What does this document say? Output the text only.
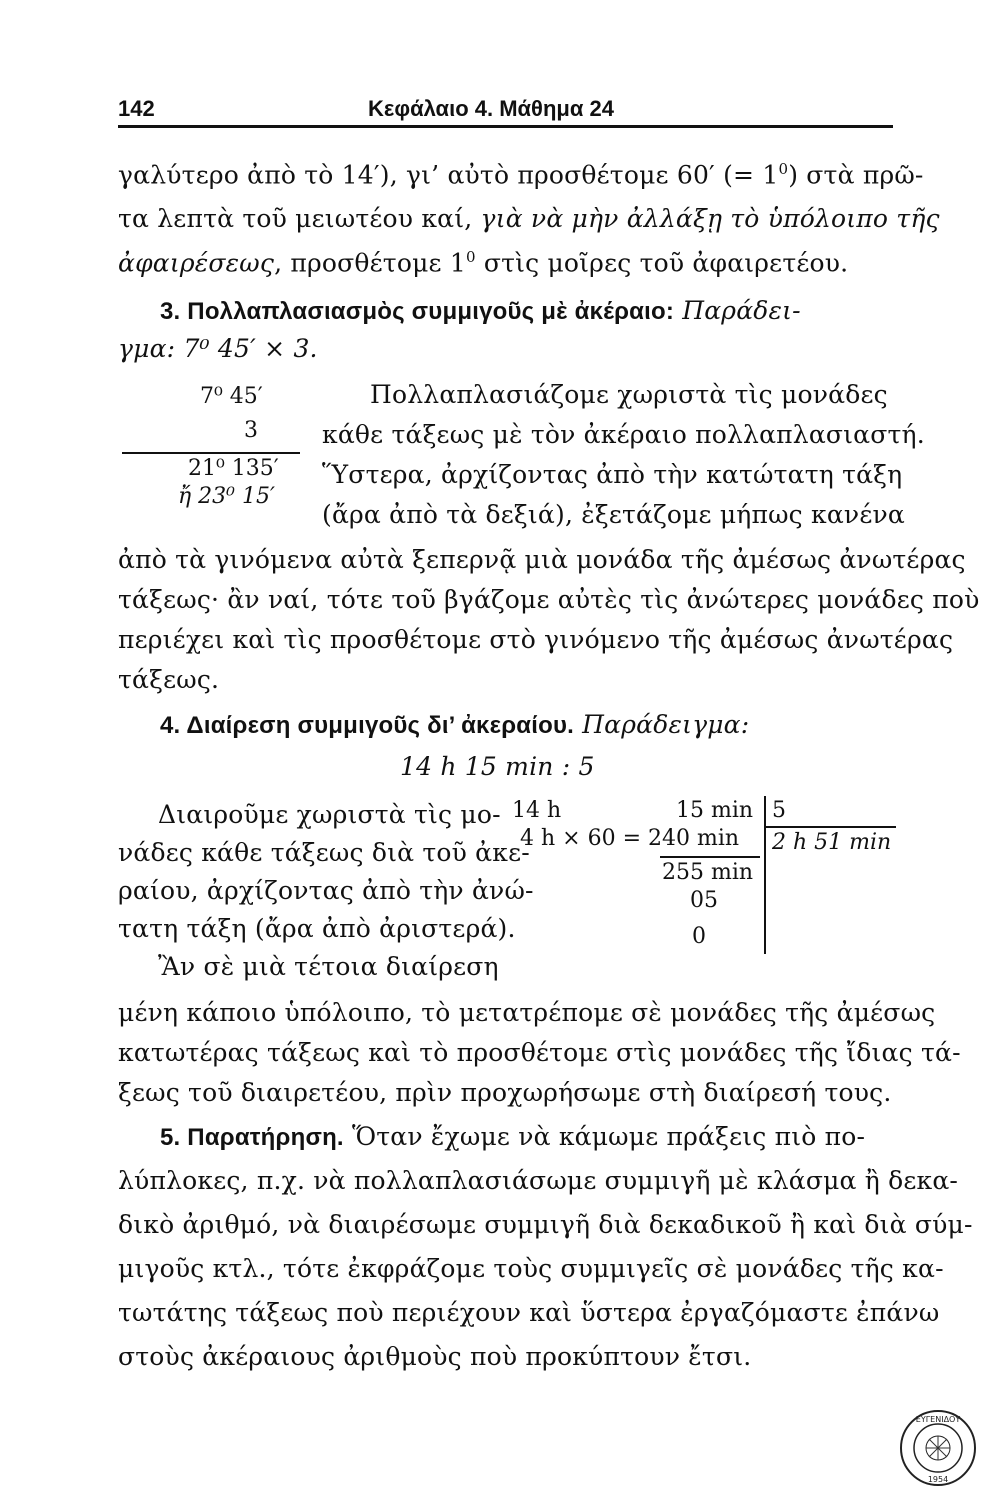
142	Κεφάλαιο 4. Μάθημα 24
γαλύτερο ἀπὸ τὸ 14′), γι’ αὐτὸ προσθέτομε 60′ (= $1^0$) στὰ πρῶ-
τα λεπτὰ τοῦ μειωτέου καί, γιὰ νὰ μὴν ἀλλάξῃ τὸ ὑπόλοιπο τῆς
ἀφαιρέσεως, προσθέτομε $1^0$ στὶς μοῖρες τοῦ ἀφαιρετέου.
3. Πολλαπλασιασμὸς συμμιγοῦς μὲ ἀκέραιο: Παράδει-
γμα: 7⁰ 45′ × 3.
7⁰ 45′
3
21⁰ 135′
ἤ 23⁰ 15′
Πολλαπλασιάζομε χωριστὰ τὶς μονάδες
κάθε τάξεως μὲ τὸν ἀκέραιο πολλαπλασιαστή.
Ὕστερα, ἀρχίζοντας ἀπὸ τὴν κατώτατη τάξη
(ἄρα ἀπὸ τὰ δεξιά), ἐξετάζομε μήπως κανένα
ἀπὸ τὰ γινόμενα αὐτὰ ξεπερνᾷ μιὰ μονάδα τῆς ἀμέσως ἀνωτέρας
τάξεως· ἂν ναί, τότε τοῦ βγάζομε αὐτὲς τὶς ἀνώτερες μονάδες ποὺ
περιέχει καὶ τὶς προσθέτομε στὸ γινόμενο τῆς ἀμέσως ἀνωτέρας
τάξεως.
4. Διαίρεση συμμιγοῦς δι’ ἀκεραίου. Παράδειγμα:
14 h 15 min : 5
Διαιροῦμε χωριστὰ τὶς μο-
νάδες κάθε τάξεως διὰ τοῦ ἀκε-
ραίου, ἀρχίζοντας ἀπὸ τὴν ἀνώ-
τατη τάξη (ἄρα ἀπὸ ἀριστερά).
Ἂν σὲ μιὰ τέτοια διαίρεση
14 h	15 min
4 h × 60 = 240 min
255 min
05
0
5
2 h 51 min
μένη κάποιο ὑπόλοιπο, τὸ μετατρέπομε σὲ μονάδες τῆς ἀμέσως
κατωτέρας τάξεως καὶ τὸ προσθέτομε στὶς μονάδες τῆς ἴδιας τά-
ξεως τοῦ διαιρετέου, πρὶν προχωρήσωμε στὴ διαίρεσή τους.
5. Παρατήρηση. Ὅταν ἔχωμε νὰ κάμωμε πράξεις πιὸ πο-
λύπλοκες, π.χ. νὰ πολλαπλασιάσωμε συμμιγῆ μὲ κλάσμα ἢ δεκα-
δικὸ ἀριθμό, νὰ διαιρέσωμε συμμιγῆ διὰ δεκαδικοῦ ἢ καὶ διὰ σύμ-
μιγοῦς κτλ., τότε ἐκφράζομε τοὺς συμμιγεῖς σὲ μονάδες τῆς κα-
τωτάτης τάξεως ποὺ περιέχουν καὶ ὕστερα ἐργαζόμαστε ἐπάνω
στοὺς ἀκέραιους ἀριθμοὺς ποὺ προκύπτουν ἔτσι.
ΕΥΓΕΝΙΔΟΥ
1954
